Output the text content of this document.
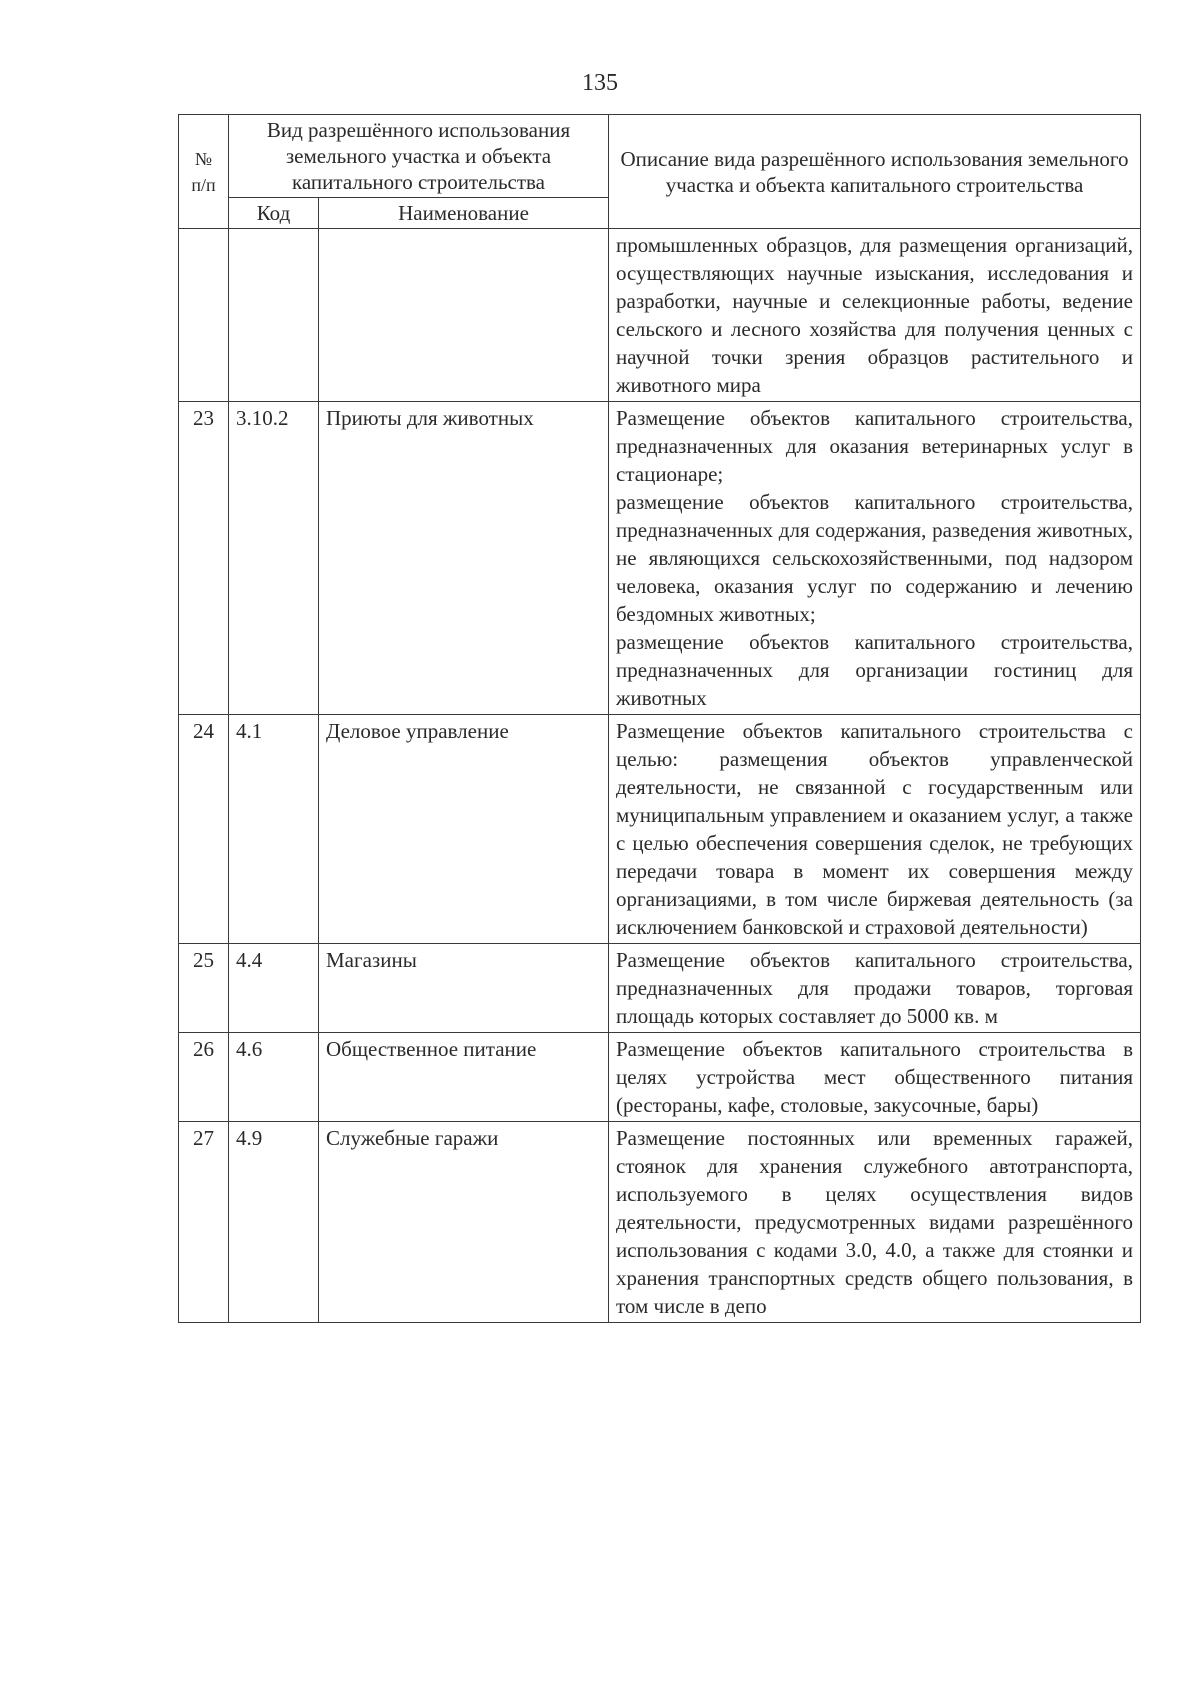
135
№ п/п	Вид разрешённого использования земельного участка и объекта капитального строительства		Описание вида разрешённого использования земельного участка и объекта капитального строительства
	Код	Наименование	

			промышленных образцов, для размещения организаций, осуществляющих научные изыскания, исследования и разработки, научные и селекционные работы, ведение сельского и лесного хозяйства для получения ценных с научной точки зрения образцов растительного и животного мира

23	3.10.2	Приюты для животных	Размещение объектов капитального строительства, предназначенных для оказания ветеринарных услуг в стационаре;

размещение объектов капитального строительства, предназначенных для содержания, разведения животных, не являющихся сельскохозяйственными, под надзором человека, оказания услуг по содержанию и лечению бездомных животных;

размещение объектов капитального строительства, предназначенных для организации гостиниц для животных

24	4.1	Деловое управление	Размещение объектов капитального строительства с целью: размещения объектов управленческой деятельности, не связанной с государственным или муниципальным управлением и оказанием услуг, а также с целью обеспечения совершения сделок, не требующих передачи товара в момент их совершения между организациями, в том числе биржевая деятельность (за исключением банковской и страховой деятельности)

25	4.4	Магазины	Размещение объектов капитального строительства, предназначенных для продажи товаров, торговая площадь которых составляет до 5000 кв. м

26	4.6	Общественное питание	Размещение объектов капитального строительства в целях устройства мест общественного питания (рестораны, кафе, столовые, закусочные, бары)

27	4.9	Служебные гаражи	Размещение постоянных или временных гаражей, стоянок для хранения служебного автотранспорта, используемого в целях осуществления видов деятельности, предусмотренных видами разрешённого использования с кодами 3.0, 4.0, а также для стоянки и хранения транспортных средств общего пользования, в том числе в депо
